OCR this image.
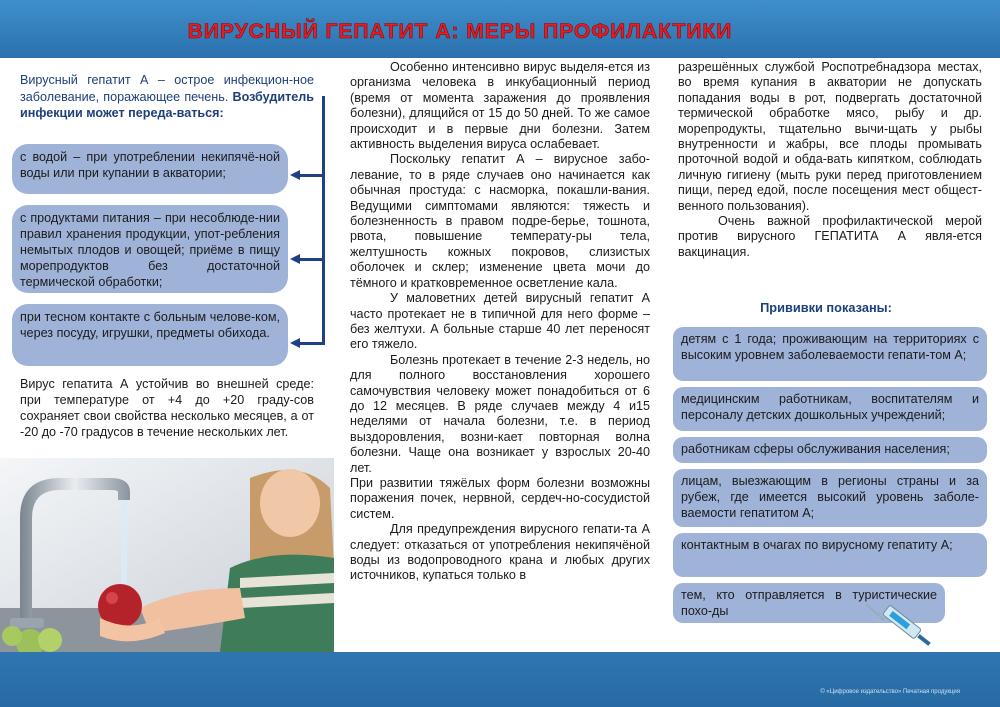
ВИРУСНЫЙ ГЕПАТИТ А: МЕРЫ ПРОФИЛАКТИКИ
Вирусный гепатит А – острое инфекцион-ное заболевание, поражающее печень. Возбудитель инфекции может переда-ваться:
с водой – при употреблении некипячё-ной воды или при купании в акватории;
с продуктами питания – при несоблюде-нии правил хранения продукции, упот-ребления немытых плодов и овощей; приёме в пищу морепродуктов без достаточной термической обработки;
при тесном контакте с больным челове-ком, через посуду, игрушки, предметы обихода.
Вирус гепатита А устойчив во внешней среде: при температуре от +4 до +20 граду-сов сохраняет свои свойства несколько месяцев, а от -20 до -70 градусов в течение нескольких лет.

Особенно интенсивно вирус выделя-ется из организма человека в инкубационный период (время от момента заражения до проявления болезни), длящийся от 15 до 50 дней. То же самое происходит и в первые дни болезни. Затем активность выделения вируса ослабевает.

Поскольку гепатит А – вирусное забо-левание, то в ряде случаев оно начинается как обычная простуда: с насморка, покашли-вания. Ведущими симптомами являются: тяжесть и болезненность в правом подре-берье, тошнота, рвота, повышение температу-ры тела, желтушность кожных покровов, слизистых оболочек и склер; изменение цвета мочи до тёмного и кратковременное осветление кала.

У маловетних детей вирусный гепатит А часто протекает не в типичной для него форме – без желтухи. А больные старше 40 лет переносят его тяжело.

Болезнь протекает в течение 2-3 недель, но для полного восстановления хорошего самочувствия человеку может понадобиться от 6 до 12 месяцев. В ряде случаев между 4 и15 неделями от начала болезни, т.е. в период выздоровления, возни-кает повторная волна болезни. Чаще она возникает у взрослых 20-40 лет.

При развитии тяжёлых форм болезни возможны поражения почек, нервной, сердеч-но-сосудистой систем.

Для предупреждения вирусного гепати-та А следует: отказаться от употребления некипячёной воды из водопроводного крана и любых других источников, купаться только в

разрешённых службой Роспотребнадзора местах, во время купания в акватории не допускать попадания воды в рот, подвергать достаточной термической обработке мясо, рыбу и др. морепродукты, тщательно вычи-щать у рыбы внутренности и жабры, все плоды промывать проточной водой и обда-вать кипятком, соблюдать личную гигиену (мыть руки перед приготовлением пищи, перед едой, после посещения мест общест-венного пользования).

Очень важной профилактической мерой против вирусного ГЕПАТИТА А явля-ется вакцинация.

Прививки показаны:
детям с 1 года; проживающим на территориях с высоким уровнем заболеваемости гепати-том А;
медицинским работникам, воспитателям и персоналу детских дошкольных учреждений;
работникам сферы обслуживания населения;
лицам, выезжающим в регионы страны и за рубеж, где имеется высокий уровень заболе-ваемости гепатитом А;
контактным в очагах по вирусному гепатиту А;
тем, кто отправляется в туристические похо-ды
© «Цифровое издательство» Печатная продукция
